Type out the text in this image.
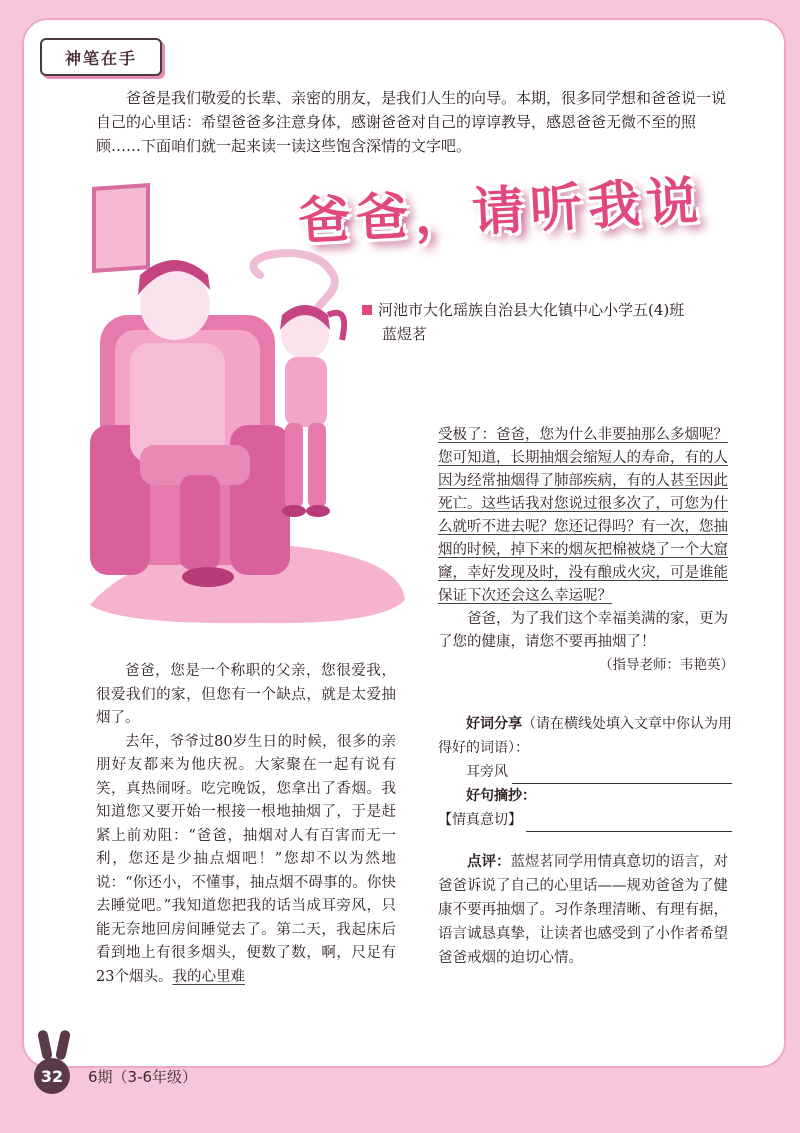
神笔在手
爸爸是我们敬爱的长辈、亲密的朋友，是我们人生的向导。本期，很多同学想和爸爸说一说自己的心里话：希望爸爸多注意身体，感谢爸爸对自己的谆谆教导，感恩爸爸无微不至的照顾……下面咱们就一起来读一读这些饱含深情的文字吧。
爸爸，请听我说
河池市大化瑶族自治县大化镇中心小学五(4)班
蓝煜茗

爸爸，您是一个称职的父亲，您很爱我，很爱我们的家，但您有一个缺点，就是太爱抽烟了。

去年，爷爷过80岁生日的时候，很多的亲朋好友都来为他庆祝。大家聚在一起有说有笑，真热闹呀。吃完晚饭，您拿出了香烟。我知道您又要开始一根接一根地抽烟了，于是赶紧上前劝阻：“爸爸，抽烟对人有百害而无一利，您还是少抽点烟吧！”您却不以为然地说：“你还小，不懂事，抽点烟不碍事的。你快去睡觉吧。”我知道您把我的话当成耳旁风，只能无奈地回房间睡觉去了。第二天，我起床后看到地上有很多烟头，便数了数，啊，尺足有23个烟头。我的心里难

受极了：爸爸，您为什么非要抽那么多烟呢？您可知道，长期抽烟会缩短人的寿命，有的人因为经常抽烟得了肺部疾病，有的人甚至因此死亡。这些话我对您说过很多次了，可您为什么就听不进去呢？您还记得吗？有一次，您抽烟的时候，掉下来的烟灰把棉被烧了一个大窟窿，幸好发现及时，没有酿成火灾，可是谁能保证下次还会这么幸运呢？
爸爸，为了我们这个幸福美满的家，更为了您的健康，请您不要再抽烟了！
（指导老师：韦艳英）
好词分享（请在横线处填入文章中你认为用得好的词语）：
耳旁风
好句摘抄：
【情真意切】

点评：蓝煜茗同学用情真意切的语言，对爸爸诉说了自己的心里话——规劝爸爸为了健康不要再抽烟了。习作条理清晰、有理有据，语言诚恳真挚，让读者也感受到了小作者希望爸爸戒烟的迫切心情。

32	6期（3-6年级）
